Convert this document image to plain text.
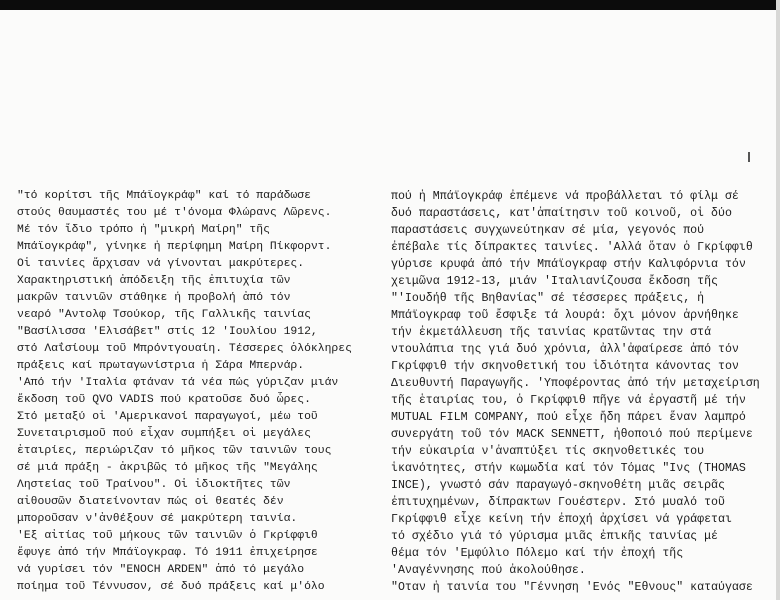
"τό κορίτσι τῆς Μπάϊογκράφ" καί τό παράδωσε
στούς θαυμαστές του μέ τ'όνομα Φλώρανς Λῶρενς.
Μέ τόν ἴδιο τρόπο ἡ "μικρή Μαίρη" τῆς
Μπάϊογκράφ", γίνηκε ἡ περίφημη Μαίρη Πίκφορντ.
Οἱ ταινίες ἄρχισαν νά γίνονται μακρύτερες.
Χαρακτηριστική ἀπόδειξη τῆς ἐπιτυχία τῶν
μακρῶν ταινιῶν στάθηκε ἡ προβολή ἀπό τόν
νεαρό "Αντολφ Τσούκορ, τῆς Γαλλικῆς ταινίας
"Βασίλισσα 'Ελισάβετ" στίς 12 'Ιουλίου 1912,
στό Λαΐσίουμ τοῦ Μπρόντγουαίη. Τέσσερες ὁλόκληρες
πράξεις καί πρωταγωνίστρια ἡ Σάρα Μπερνάρ.
'Από τήν 'Ιταλία φτάναν τά νέα πώς γύριζαν μιάν
ἔκδοση τοῦ QVO VADIS πού κρατοῦσε δυό ὧρες.
Στό μεταξύ οἱ 'Αμερικανοί παραγωγοί, μέω τοῦ
Συνεταιρισμοῦ πού εἶχαν συμπήξει οἱ μεγάλες
ἑταιρίες, περιώριζαν τό μῆκος τῶν ταινιῶν τους
σέ μιά πράξη - ἀκριβῶς τό μῆκος τῆς "Μεγάλης
Ληστείας τοῦ Τραίνου". Οἱ ἰδιοκτῆτες τῶν
αἰθουσῶν διατείνονταν πώς οἱ θεατές δέν
μποροῦσαν ν'ἀνθέξουν σέ μακρύτερη ταινία.
'Εξ αἰτίας τοῦ μήκους τῶν ταινιῶν ὁ Γκρίφφιθ
ἔφυγε ἀπό τήν Μπάϊογκραφ. Τό 1911 ἐπιχείρησε
νά γυρίσει τόν "ENOCH ARDEN" ἀπό τό μεγάλο
ποίημα τοῦ Τέννυσον, σέ δυό πράξεις καί μ'όλο
πού ἡ Μπάϊογκράφ ἐπέμενε νά προβάλλεται τό φίλμ σέ
δυό παραστάσεις, κατ'ἀπαίτησιν τοῦ κοινοῦ, οἱ δύο
παραστάσεις συγχωνεύτηκαν σέ μία, γεγονός πού
ἐπέβαλε τίς δίπρακτες ταινίες. 'Αλλά ὅταν ὁ Γκρίφφιθ
γύρισε κρυφά ἀπό τήν Μπάϊογκραφ στήν Καλιφόρνια τόν
χειμῶνα 1912-13, μιάν 'Ιταλιανίζουσα ἔκδοση τῆς
"'Ιουδήθ τῆς Βηθανίας" σέ τέσσερες πράξεις, ἡ
Μπάϊογκραφ τοῦ ἔσφιξε τά λουρά: ὄχι μόνον ἀρνήθηκε
τήν ἐκμετάλλευση τῆς ταινίας κρατῶντας την στά
ντουλάπια της γιά δυό χρόνια, ἀλλ'ἀφαίρεσε ἀπό τόν
Γκρίφφιθ τήν σκηνοθετική του ἰδιότητα κάνοντας τον
Διευθυντή Παραγωγῆς. 'Υποφέροντας ἀπό τήν μεταχείριση
τῆς ἑταιρίας του, ὁ Γκρίφφιθ πῆγε νά ἐργαστῆ μέ τήν
MUTUAL FILM COMPANY, πού εἶχε ἤδη πάρει ἕναν λαμπρό
συνεργάτη τοῦ τόν MACK SENNETT, ἠθοποιό πού περίμενε
τήν εὐκαιρία ν'ἀναπτύξει τίς σκηνοθετικές του
ἱκανότητες, στήν κωμωδία καί τόν Τόμας "Ινς (THOMAS
INCE), γνωστό σάν παραγωγό-σκηνοθέτη μιᾶς σειρᾶς
ἐπιτυχημένων, δίπρακτων Γουέστερν. Στό μυαλό τοῦ
Γκρίφφιθ εἶχε κείνη τήν ἐποχή ἀρχίσει νά γράφεται
τό σχέδιο γιά τό γύρισμα μιᾶς ἐπικῆς ταινίας μέ
θέμα τόν 'Εμφύλιο Πόλεμο καί τήν ἐποχή τῆς
'Αναγέννησης πού ἀκολούθησε.
"Οταν ἡ ταινία του "Γέννηση 'Ενός "Εθνους" καταύγασε
